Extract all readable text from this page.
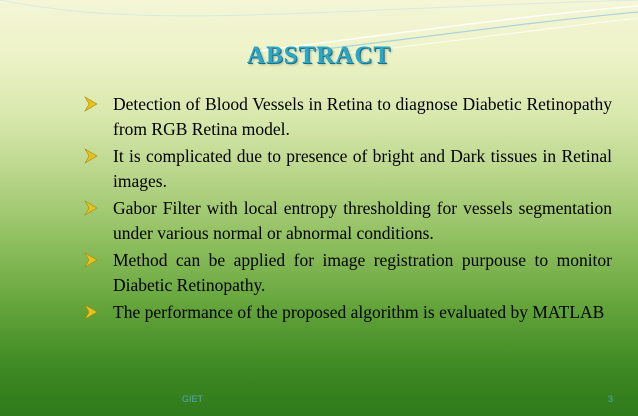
ABSTRACT
Detection of Blood Vessels in Retina to diagnose Diabetic Retinopathy from RGB Retina model.
It is complicated due to presence of bright and Dark tissues in Retinal images.
Gabor Filter with local entropy thresholding for vessels segmentation under various normal or abnormal conditions.
Method can be applied for image registration purpouse to monitor Diabetic Retinopathy.
The performance of the proposed algorithm is evaluated by MATLAB
GIET	3
